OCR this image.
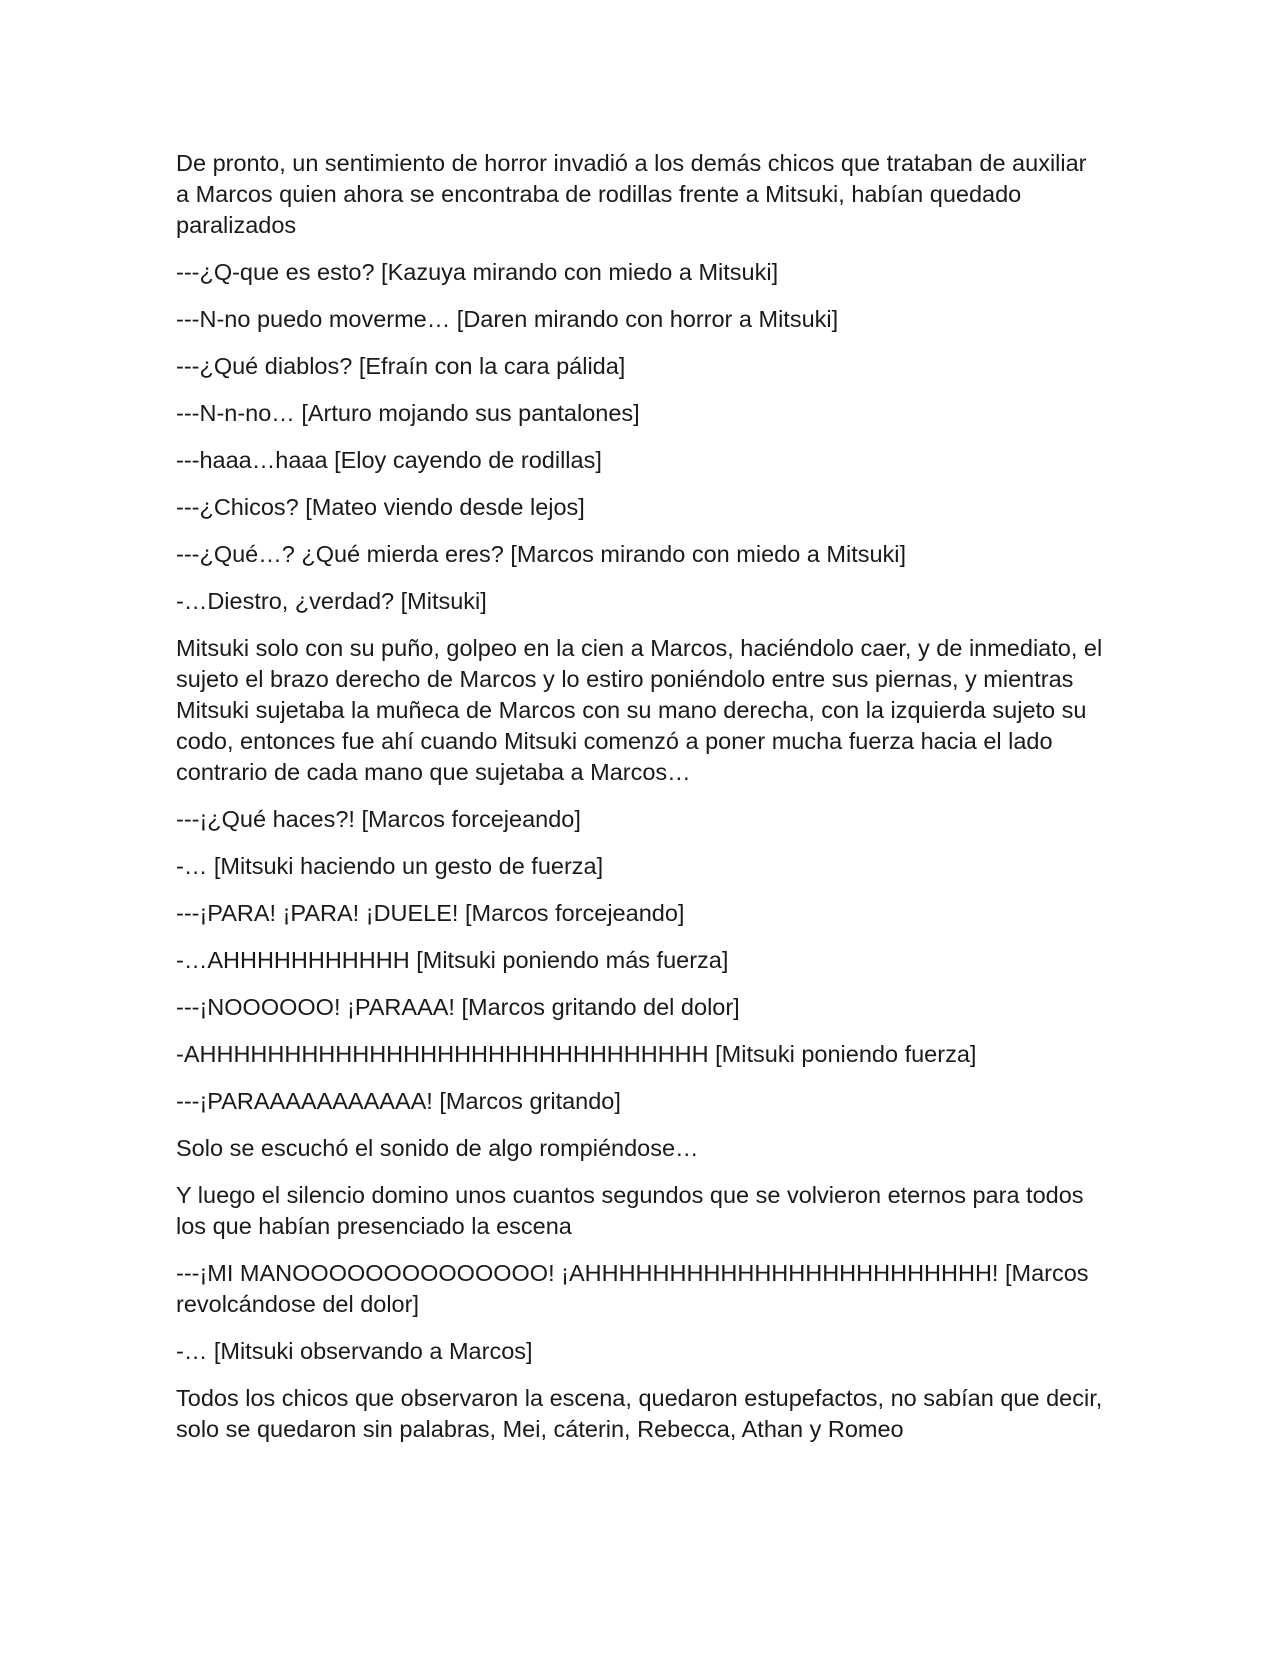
De pronto, un sentimiento de horror invadió a los demás chicos que trataban de auxiliar a Marcos quien ahora se encontraba de rodillas frente a Mitsuki, habían quedado paralizados

---¿Q-que es esto? [Kazuya mirando con miedo a Mitsuki]

---N-no puedo moverme… [Daren mirando con horror a Mitsuki]

---¿Qué diablos? [Efraín con la cara pálida]

---N-n-no… [Arturo mojando sus pantalones]

---haaa…haaa [Eloy cayendo de rodillas]

---¿Chicos? [Mateo viendo desde lejos]

---¿Qué…? ¿Qué mierda eres? [Marcos mirando con miedo a Mitsuki]

-…Diestro, ¿verdad? [Mitsuki]

Mitsuki solo con su puño, golpeo en la cien a Marcos, haciéndolo caer, y de inmediato, el sujeto el brazo derecho de Marcos y lo estiro poniéndolo entre sus piernas, y mientras Mitsuki sujetaba la muñeca de Marcos con su mano derecha, con la izquierda sujeto su codo, entonces fue ahí cuando Mitsuki comenzó a poner mucha fuerza hacia el lado contrario de cada mano que sujetaba a Marcos…

---¡¿Qué haces?! [Marcos forcejeando]

-… [Mitsuki haciendo un gesto de fuerza]

---¡PARA! ¡PARA! ¡DUELE! [Marcos forcejeando]

-…AHHHHHHHHHHH [Mitsuki poniendo más fuerza]

---¡NOOOOOO! ¡PARAAA! [Marcos gritando del dolor]

-AHHHHHHHHHHHHHHHHHHHHHHHHHHHHHH [Mitsuki poniendo fuerza]

---¡PARAAAAAAAAAAA! [Marcos gritando]

Solo se escuchó el sonido de algo rompiéndose…

Y luego el silencio domino unos cuantos segundos que se volvieron eternos para todos los que habían presenciado la escena

---¡MI MANOOOOOOOOOOOOOO! ¡AHHHHHHHHHHHHHHHHHHHHHHHH! [Marcos revolcándose del dolor]

-… [Mitsuki observando a Marcos]

Todos los chicos que observaron la escena, quedaron estupefactos, no sabían que decir, solo se quedaron sin palabras, Mei, cáterin, Rebecca, Athan y Romeo
